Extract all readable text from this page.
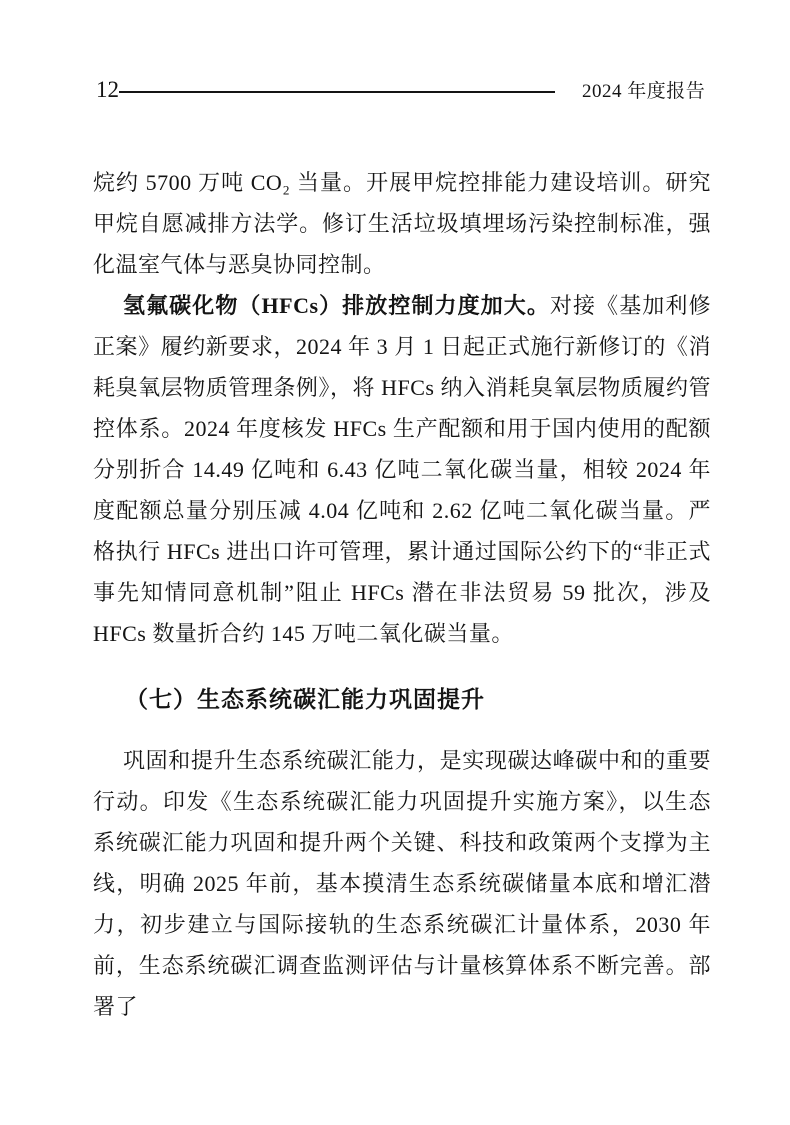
12	2024 年度报告

烷约 5700 万吨 CO₂ 当量。开展甲烷控排能力建设培训。研究甲烷自愿减排方法学。修订生活垃圾填埋场污染控制标准，强化温室气体与恶臭协同控制。

氢氟碳化物（HFCs）排放控制力度加大。对接《基加利修正案》履约新要求，2024 年 3 月 1 日起正式施行新修订的《消耗臭氧层物质管理条例》，将 HFCs 纳入消耗臭氧层物质履约管控体系。2024 年度核发 HFCs 生产配额和用于国内使用的配额分别折合 14.49 亿吨和 6.43 亿吨二氧化碳当量，相较 2024 年度配额总量分别压减 4.04 亿吨和 2.62 亿吨二氧化碳当量。严格执行 HFCs 进出口许可管理，累计通过国际公约下的“非正式事先知情同意机制”阻止 HFCs 潜在非法贸易 59 批次，涉及 HFCs 数量折合约 145 万吨二氧化碳当量。

（七）生态系统碳汇能力巩固提升

巩固和提升生态系统碳汇能力，是实现碳达峰碳中和的重要行动。印发《生态系统碳汇能力巩固提升实施方案》，以生态系统碳汇能力巩固和提升两个关键、科技和政策两个支撑为主线，明确 2025 年前，基本摸清生态系统碳储量本底和增汇潜力，初步建立与国际接轨的生态系统碳汇计量体系，2030 年前，生态系统碳汇调查监测评估与计量核算体系不断完善。部署了
